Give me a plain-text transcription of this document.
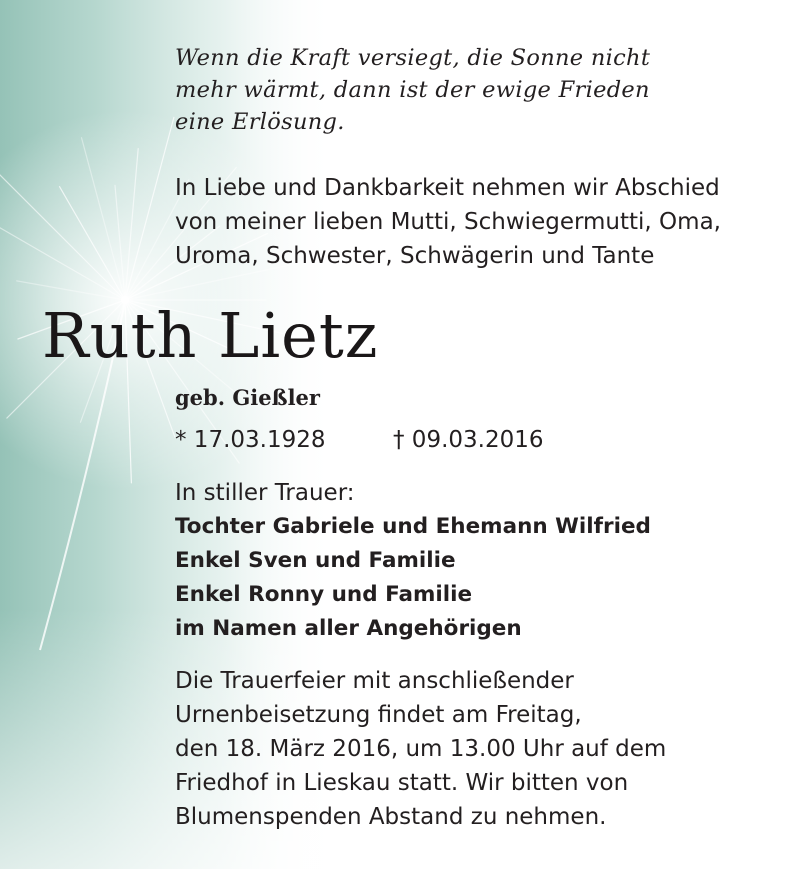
Wenn die Kraft versiegt, die Sonne nicht
mehr wärmt, dann ist der ewige Frieden
eine Erlösung.

In Liebe und Dankbarkeit nehmen wir Abschied
von meiner lieben Mutti, Schwiegermutti, Oma,
Uroma, Schwester, Schwägerin und Tante

Ruth Lietz

geb. Gießler

* 17.03.1928	† 09.03.2016

In stiller Trauer:
Tochter Gabriele und Ehemann Wilfried
Enkel Sven und Familie
Enkel Ronny und Familie
im Namen aller Angehörigen

Die Trauerfeier mit anschließender
Urnenbeisetzung findet am Freitag,
den 18. März 2016, um 13.00 Uhr auf dem
Friedhof in Lieskau statt. Wir bitten von
Blumenspenden Abstand zu nehmen.
